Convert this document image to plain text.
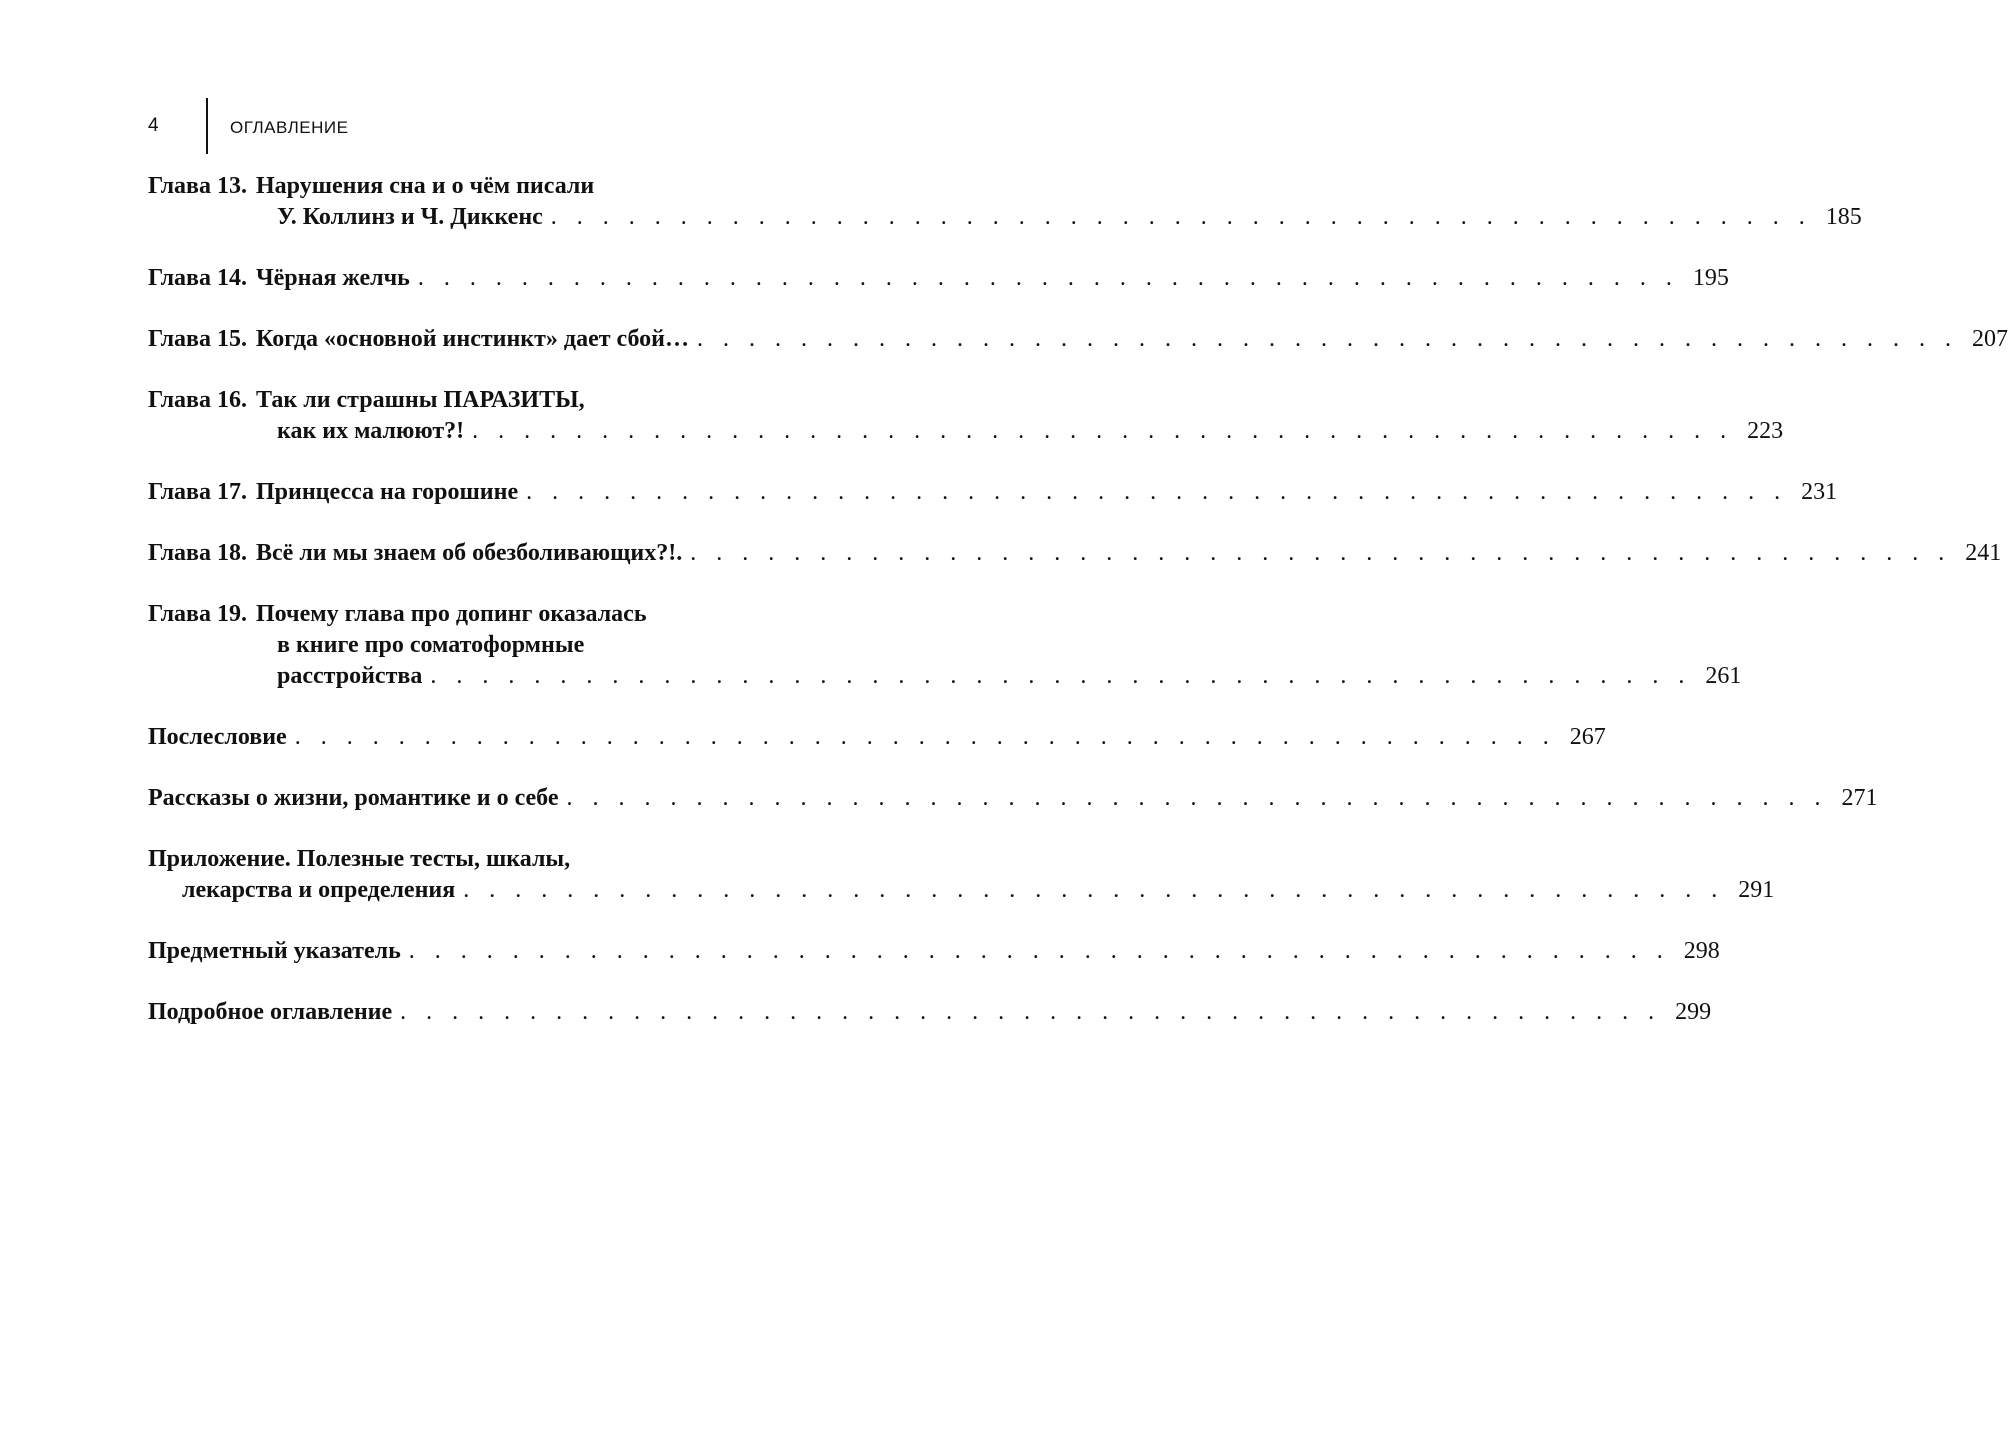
4	ОГЛАВЛЕНИЕ
Глава 13. Нарушения сна и о чём писали
У. Коллинз и Ч. Диккенс . . . . . . . . . . . . . . . . . . . . . . . . . . . . . . . . . . . . . . . . . . . . . . . . . 185
Глава 14. Чёрная желчь . . . . . . . . . . . . . . . . . . . . . . . . . . . . . . . . . . . . . . . . . . . . . . . . . 195
Глава 15. Когда «основной инстинкт» дает сбой… . . . . . . . . . . . . . . . . . . . . . . . . . . . . . . . . . . . . . . . . . . . . . . . . . 207
Глава 16. Так ли страшны ПАРАЗИТЫ,
как их малюют?! . . . . . . . . . . . . . . . . . . . . . . . . . . . . . . . . . . . . . . . . . . . . . . . . . 223
Глава 17. Принцесса на горошине . . . . . . . . . . . . . . . . . . . . . . . . . . . . . . . . . . . . . . . . . . . . . . . . . 231
Глава 18. Всё ли мы знаем об обезболивающих?!. . . . . . . . . . . . . . . . . . . . . . . . . . . . . . . . . . . . . . . . . . . . . . . . . . 241
Глава 19. Почему глава про допинг оказалась
в книге про соматоформные
расстройства . . . . . . . . . . . . . . . . . . . . . . . . . . . . . . . . . . . . . . . . . . . . . . . . . 261
Послесловие . . . . . . . . . . . . . . . . . . . . . . . . . . . . . . . . . . . . . . . . . . . . . . . . . 267
Рассказы о жизни, романтике и о себе . . . . . . . . . . . . . . . . . . . . . . . . . . . . . . . . . . . . . . . . . . . . . . . . . 271
Приложение. Полезные тесты, шкалы,
лекарства и определения . . . . . . . . . . . . . . . . . . . . . . . . . . . . . . . . . . . . . . . . . . . . . . . . . 291
Предметный указатель . . . . . . . . . . . . . . . . . . . . . . . . . . . . . . . . . . . . . . . . . . . . . . . . . 298
Подробное оглавление . . . . . . . . . . . . . . . . . . . . . . . . . . . . . . . . . . . . . . . . . . . . . . . . . 299
